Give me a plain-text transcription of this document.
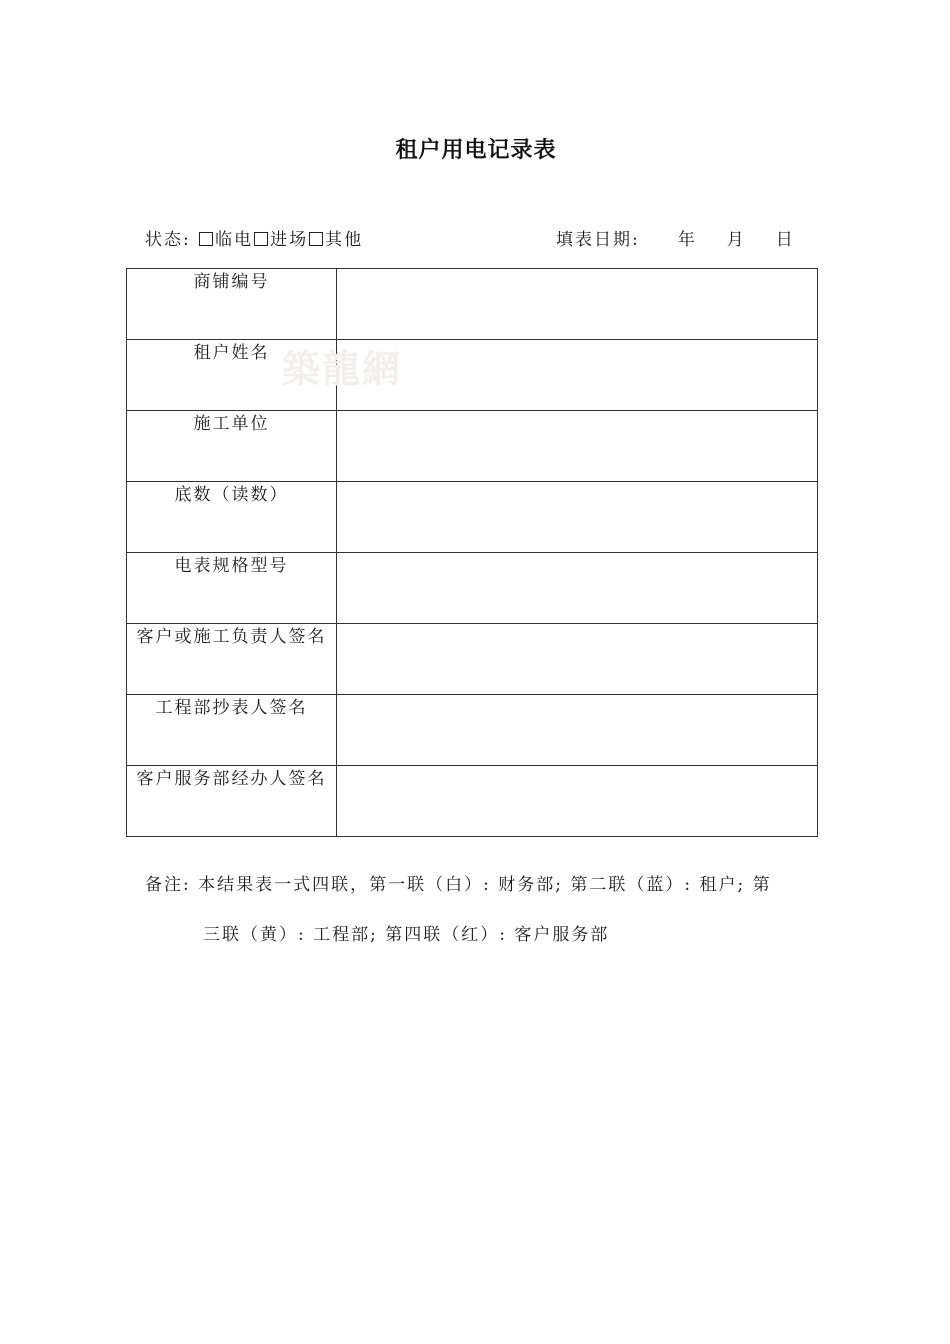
租户用电记录表
状态: 临电 进场 其他	填表日期: 年 月 日
商铺编号	
租户姓名	
施工单位	
底数（读数）	
电表规格型号	
客户或施工负责人签名	
工程部抄表人签名	
客户服务部经办人签名	
築龍網
备注: 本结果表一式四联，第一联（白）: 财务部; 第二联（蓝）: 租户; 第
三联（黄）: 工程部; 第四联（红）: 客户服务部
